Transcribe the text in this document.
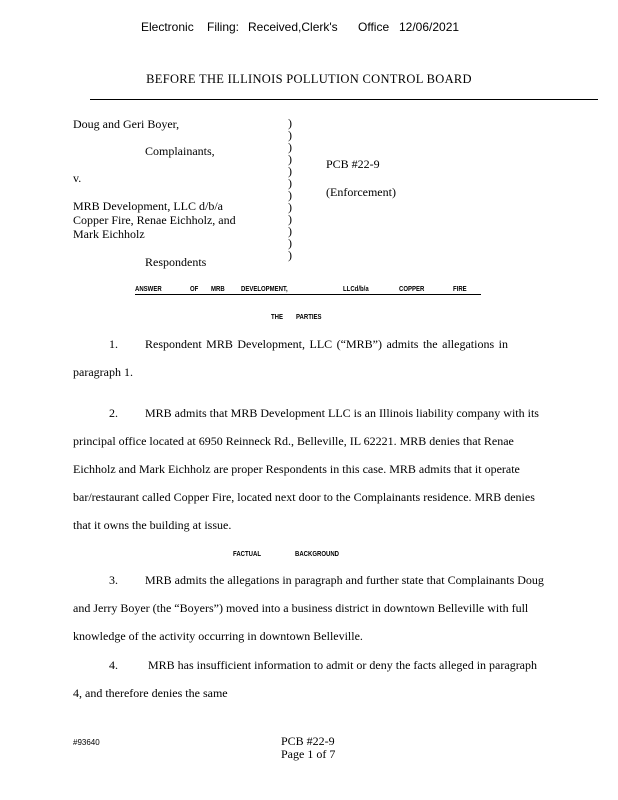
Electronic Filing: Received,Clerk's Office 12/06/2021
BEFORE THE ILLINOIS POLLUTION CONTROL BOARD
Doug and Geri Boyer,
Complainants,
v.
MRB Development, LLC d/b/a
Copper Fire, Renae Eichholz, and
Mark Eichholz
Respondents
PCB #22-9
(Enforcement)
)
)
)
)
)
)
)
)
)
)
)
)
ANSWER	OF MRB DEVELOPMENT,	LLCd/b/a	COPPER	FIRE
THE PARTIES
1. Respondent MRB Development, LLC (“MRB”) admits the allegations in
paragraph 1.
2. MRB admits that MRB Development LLC is an Illinois liability company with its
principal office located at 6950 Reinneck Rd., Belleville, IL 62221. MRB denies that Renae
Eichholz and Mark Eichholz are proper Respondents in this case. MRB admits that it operate
bar/restaurant called Copper Fire, located next door to the Complainants residence. MRB denies
that it owns the building at issue.
FACTUAL	BACKGROUND
3. MRB admits the allegations in paragraph and further state that Complainants Doug
and Jerry Boyer (the “Boyers”) moved into a business district in downtown Belleville with full
knowledge of the activity occurring in downtown Belleville.
4.	MRB has insufficient information to admit or deny the facts alleged in paragraph
4, and therefore denies the same
#93640	PCB #22-9
Page 1 of 7
